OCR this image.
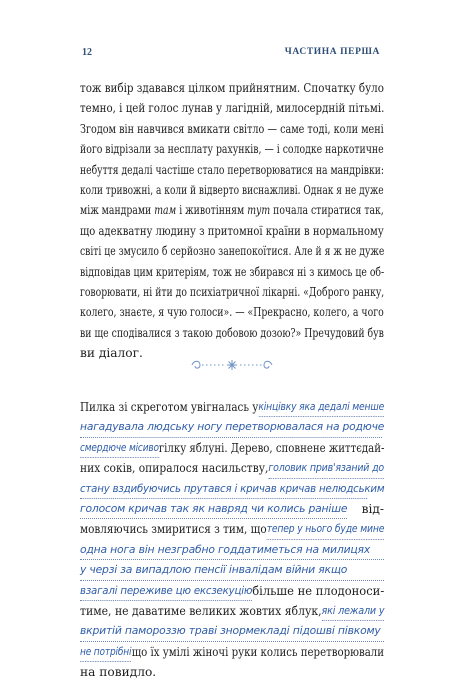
12	ЧАСТИНА ПЕРША
тож вибір здавався цілком прийнятним. Спочатку було
темно, і цей голос лунав у лагідній, милосердній пітьмі.
Згодом він навчився вмикати світло — саме тоді, коли мені
його відрізали за несплату рахунків, — і солодке наркотичне
небуття дедалі частіше стало перетворюватися на мандрівки:
коли тривожні, а коли й відверто виснажливі. Однак я не дуже
між мандрами там і животінням тут почала стиратися так,
що адекватну людину з притомної країни в нормальному
світі це змусило б серйозно занепокоїтися. Але й я ж не дуже
відповідав цим критеріям, тож не збирався ні з кимось це об-
говорювати, ні йти до психіатричної лікарні. «Доброго ранку,
колего, знаєте, я чую голоси». — «Прекрасно, колего, а чого
ви ще сподівалися з такою добовою дозою?» Пречудовий був
ви діалог.
Пилка зі скреготом увігналась у кінцівку яка дедалі менше
нагадувала людську ногу перетворювалася на родюче
смердюче місиво гілку яблуні. Дерево, сповнене життєдай-
них соків, опиралося насильству, головик прив'язаний до
стану вздибуючись прутався і кричав кричав нелюдським
голосом кричав так як навряд чи колись раніше від-
мовляючись змиритися з тим, що тепер у нього буде мине
одна нога він незграбно годдатиметься на милицях
у черзі за випадлою пенсії інвалідам війни якщо
взагалі переживе цю ексзекуцію більше не плодоноси-
тиме, не даватиме великих жовтих яблук, які лежали у
вкритій памороззю траві знормекладі підошві півкому
не потрібні що їх умілі жіночі руки колись перетворювали
на повидло.
